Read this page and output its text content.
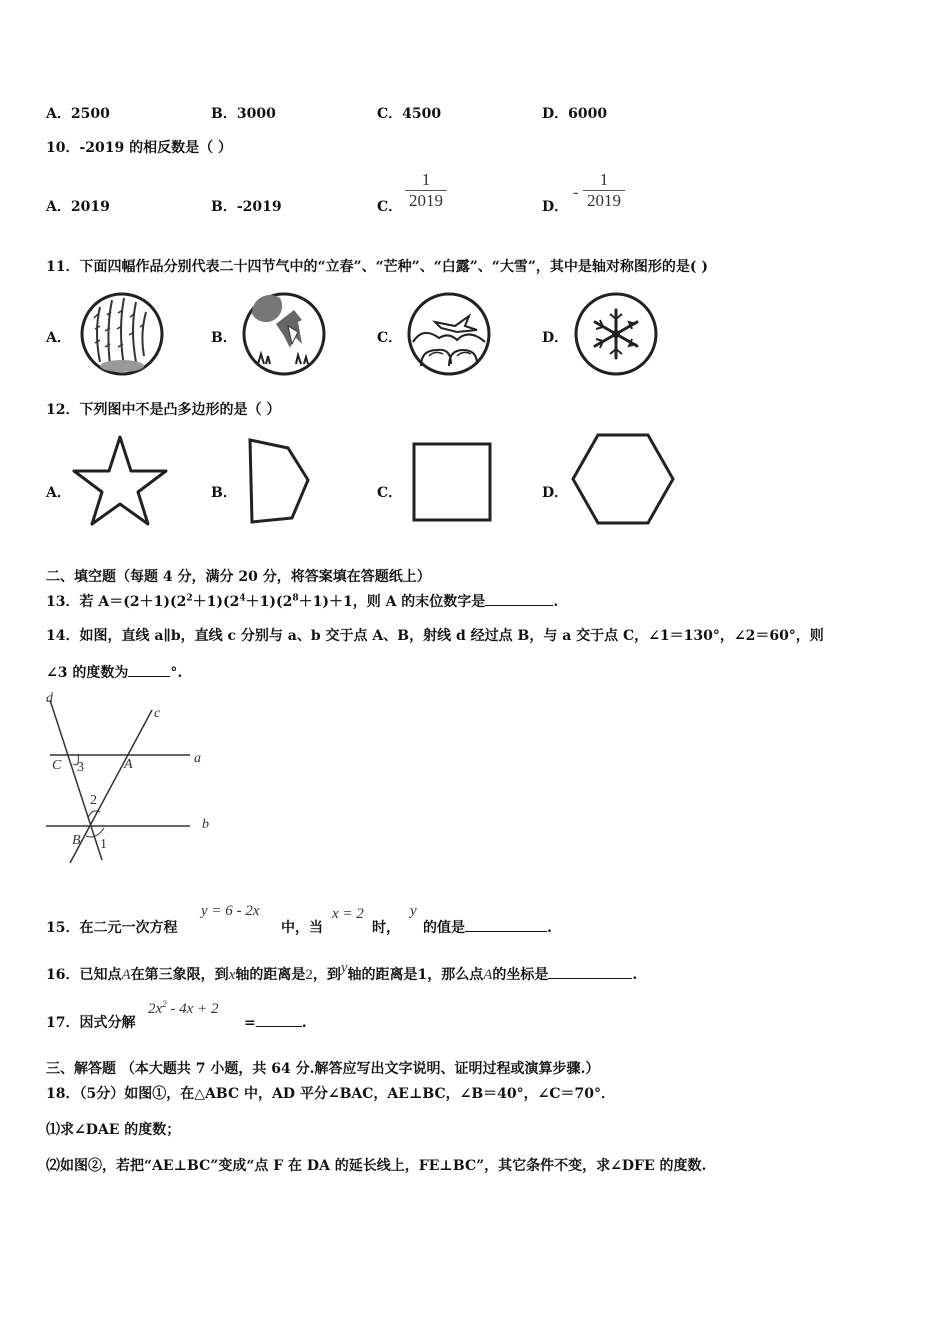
A．2500	B．3000	C．4500	D．6000
10．-2019 的相反数是（ ）
A．2019	B．-2019	C． $\frac{1}{2019}$	D．
- $\frac{1}{2019}$
11．下面四幅作品分别代表二十四节气中的“立春”、“芒种”、“白露”、“大雪”，其中是轴对称图形的是( )
A．	B．	C．	D．
12．下列图中不是凸多边形的是（ ）
A．	B．	C．	D．
二、填空题（每题 4 分，满分 20 分，将答案填在答题纸上）
13．若 $A=(2+1)(2^2+1)(2^4+1)(2^8+1)+1$，则 A 的末位数字是	.
14．如图，直线 a∥b，直线 c 分别与 a、b 交于点 A、B，射线 d 经过点 B，与 a 交于点 C，∠1＝130°，∠2＝60°，则
∠3 的度数为	°.
d
c
a
b
C 3	A
2
B 1
15．在二元一次方程
y = 6 - 2x
中，当
x = 2
时，
y
的值是	.
16．已知点A在第三象限，到x轴的距离是2，到y轴的距离是1，那么点A的坐标是	.
17．因式分解
$2x^2 - 4x + 2$
=	.
三、解答题 （本大题共 7 小题，共 64 分.解答应写出文字说明、证明过程或演算步骤.）
18．（5分）如图①，在△ABC 中，AD 平分∠BAC，AE⊥BC，∠B＝40°，∠C＝70°．
⑴求∠DAE 的度数；
⑵如图②，若把“AE⊥BC”变成“点 F 在 DA 的延长线上，FE⊥BC”，其它条件不变，求∠DFE 的度数.
